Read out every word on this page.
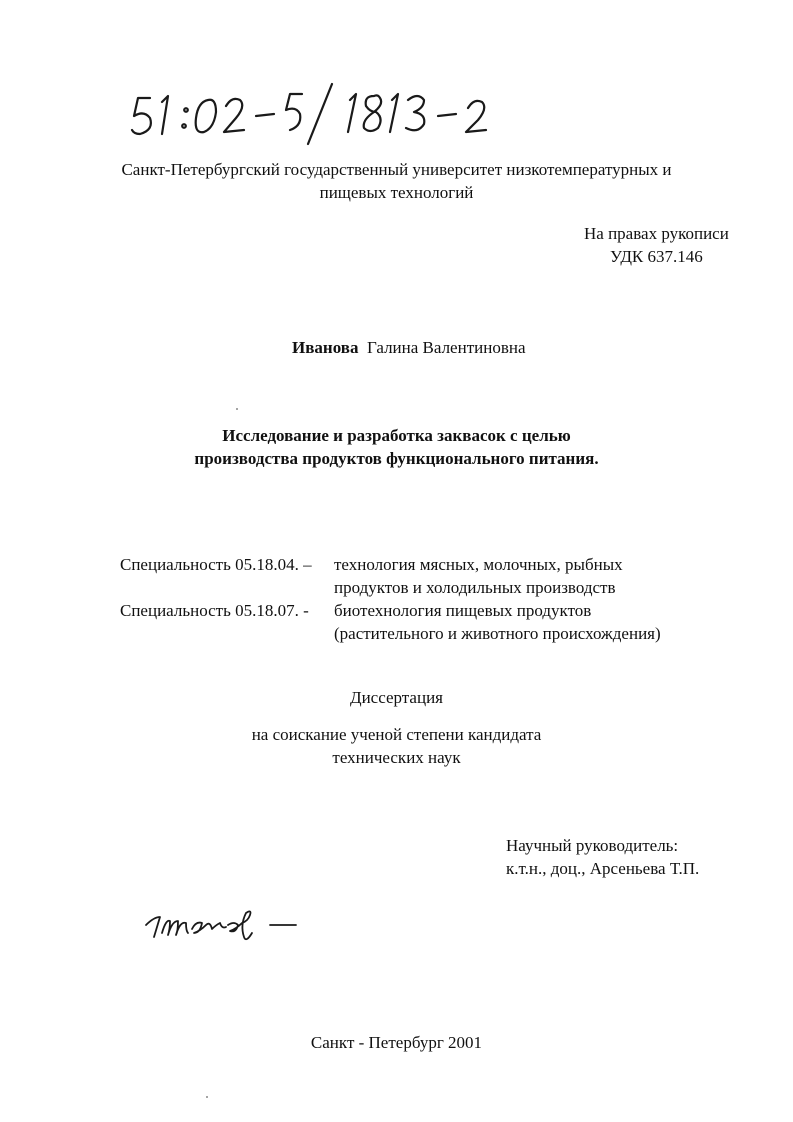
Санкт-Петербургский государственный университет низкотемпературных и
пищевых технологий
На правах рукописи
УДК 637.146
Иванова Галина Валентиновна
Исследование и разработка заквасок с целью
производства продуктов функционального питания.
Специальность 05.18.04. – технология мясных, молочных, рыбных
продуктов и холодильных производств
Специальность 05.18.07. - биотехнология пищевых продуктов
(растительного и животного происхождения)
Диссертация
на соискание ученой степени кандидата
технических наук
Научный руководитель:
к.т.н., доц., Арсеньева Т.П.
Санкт - Петербург 2001
